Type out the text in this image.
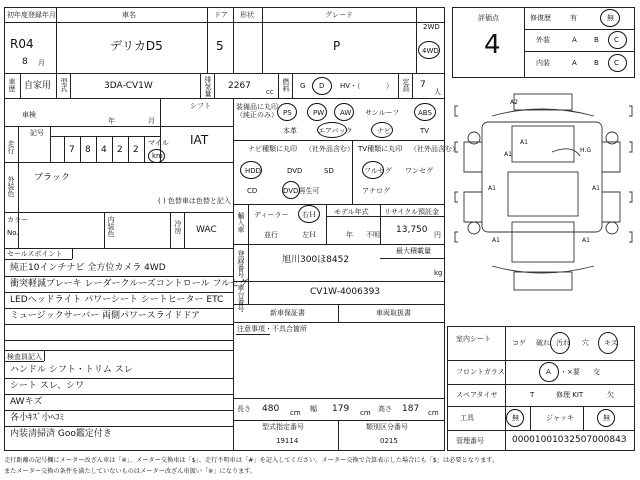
初年度登録年月
R04
8 月
車名
デリカD5
ドア
5
形状	グレード
P
2WD
4WD
車歴 自家用 型式	3DA-CV1W	排気量 2267
cc 燃料 G D HV・（	） 定員 7
人
車検
年	月
走行
記号
7 8 4 2 2
マイル
km
シフト
IAT
外装色 ブラック
( ) 色替車は色替と記入
カラー
No.	内装色	冷房 WAC
装備品に丸印
（純正のみ） PS	PW AW サンルーフ	ABS
本革	エアバック	ナビ	TV
ナビ種類に丸印 （社外品含む） TV種類に丸印 （社外品含む）
HDD	DVD	SD
CD	DVD再生可
フルセグ ワンセグ
アナログ
輸入車 ディーラー
並行
右Ｈ
左Ｈ
モデル年式
年 不明
リサイクル預託金
13,750 円
登録番号	旭川300ほ8452
最大積載量
kg
車台番号	CV1W-4006393
新車保証書	車両取扱書
注意事項・不具合箇所
セールスポイント
純正10インチナビ 全方位カメラ 4WD
衝突軽減ブレーキ レーダークルーズコントロール フルセグ
LEDヘッドライト パワーシート シートヒーター ETC
ミュージックサーバー 両側パワースライドドア
検査員記入
ハンドル シフト・トリム スレ
シート スレ、シワ
AWキズ
各小ｷｽﾞ小ﾍｺﾐ
内装清掃済 Goo鑑定付き
長さ 480 cm 幅 179 cm 高さ 187 cm
型式指定番号
19114
類別区分番号
0215
評価点
4
修復歴	有	無
外装	A B C
内装	A B C
A2
A1
A1
H.G
A1	A1
A1	A1
室内シート	コゲ 破れ 汚れ 穴 キズ
フロントガラス	A ・×要 交
スペアタイヤ	T	修理 KIT	欠
工具	無	ジャッキ	無
管理番号	0000100103250700084З
走行距離の記号欄にメーター改ざん車は「※」、メーター交換車は「$」、走行不明車は「#」を記入してください。メーター交換で合算表示した場合にも「$」は必要となります。
またメーター交換の条件を満たしていないものはメーター改ざん車扱い「※」になります。
